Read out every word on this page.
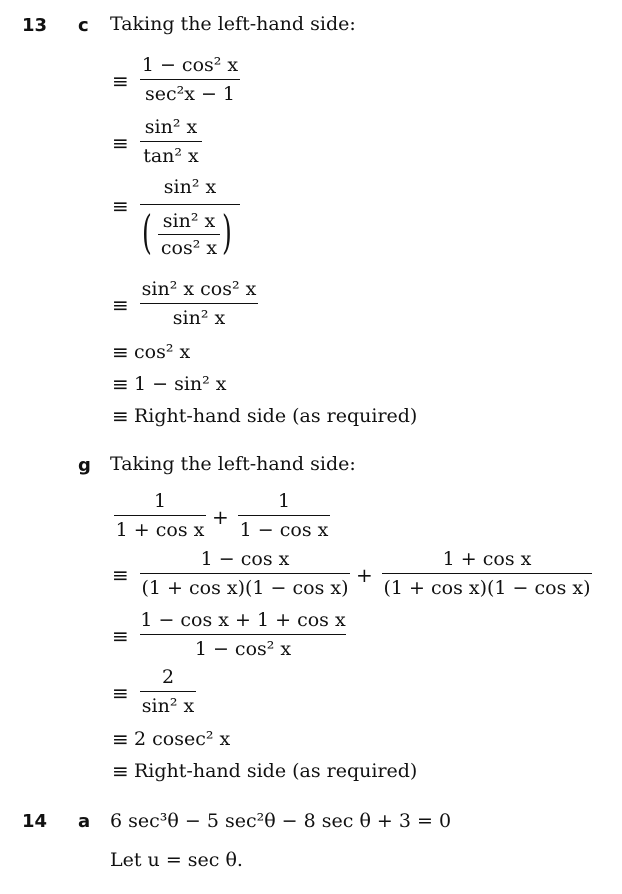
13 c Taking the left-hand side:
≡
1 − cos² x
sec²x − 1
≡
sin² x
tan² x
≡
sin² x
( sin² x
cos² x )
≡
sin² x cos² x
sin² x
≡ cos² x
≡ 1 − sin² x
≡ Right-hand side (as required)
g Taking the left-hand side:
1
1 + cos x
+
1
1 − cos x
≡
1 − cos x
(1 + cos x)(1 − cos x)
+
1 + cos x
(1 + cos x)(1 − cos x)
≡
1 − cos x + 1 + cos x
1 − cos² x
≡
2
sin² x
≡ 2 cosec² x
≡ Right-hand side (as required)
14 a 6 sec³θ − 5 sec²θ − 8 sec θ + 3 = 0
Let u = sec θ.
